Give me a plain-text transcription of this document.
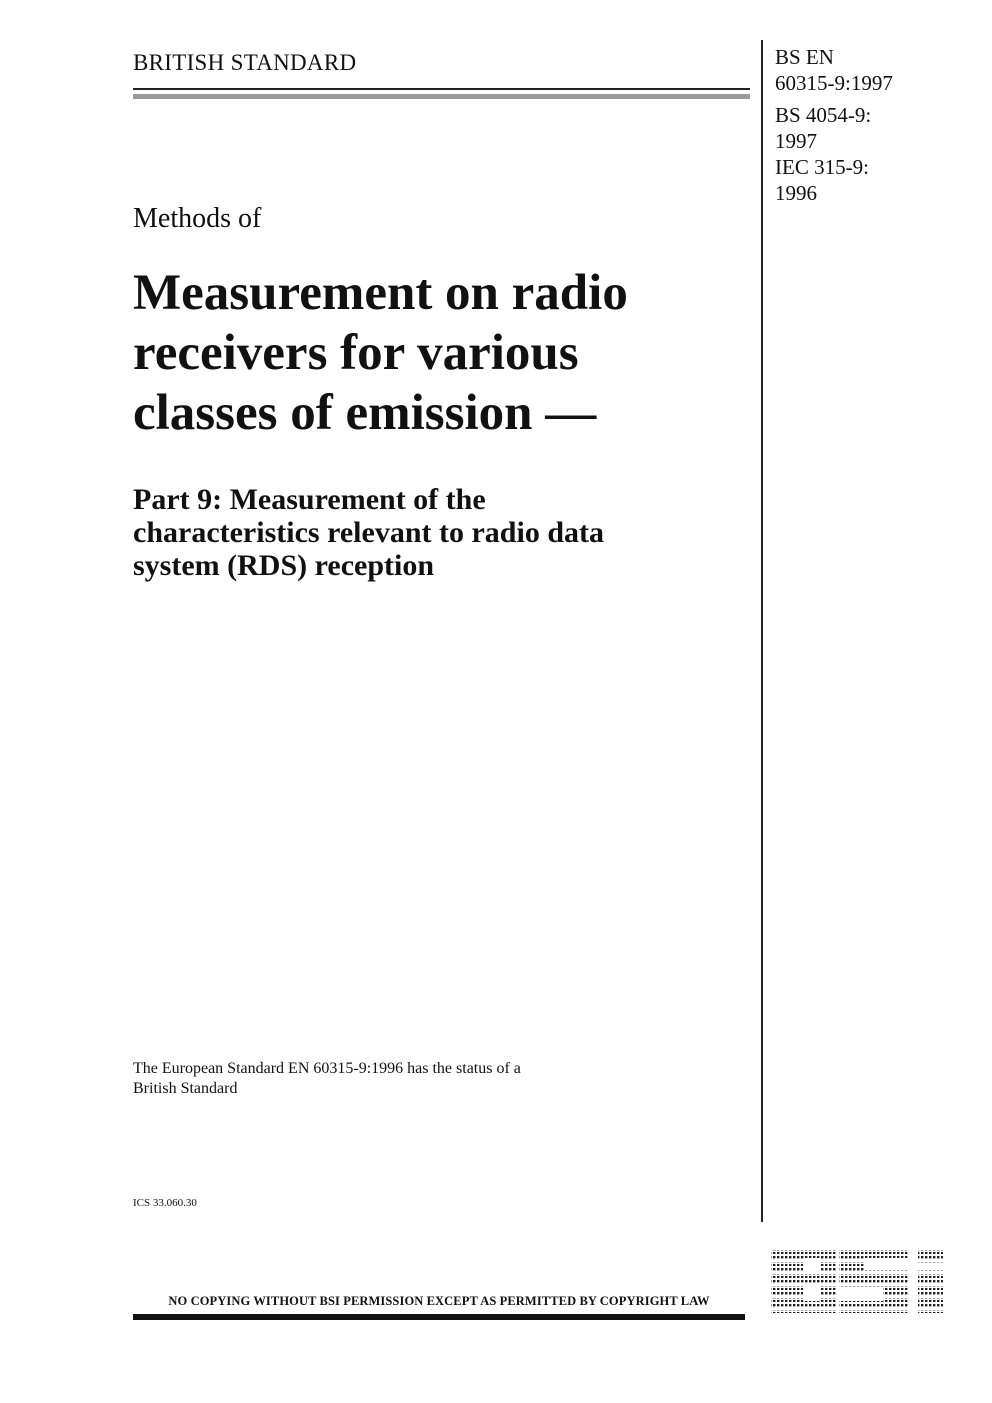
BRITISH STANDARD	BS EN
60315-9:1997
BS 4054-9:
1997
IEC 315-9:
1996
Methods of
Measurement on radio
receivers for various
classes of emission —
Part 9: Measurement of the
characteristics relevant to radio data
system (RDS) reception
The European Standard EN 60315-9:1996 has the status of a
British Standard
ICS 33.060.30
NO COPYING WITHOUT BSI PERMISSION EXCEPT AS PERMITTED BY COPYRIGHT LAW
